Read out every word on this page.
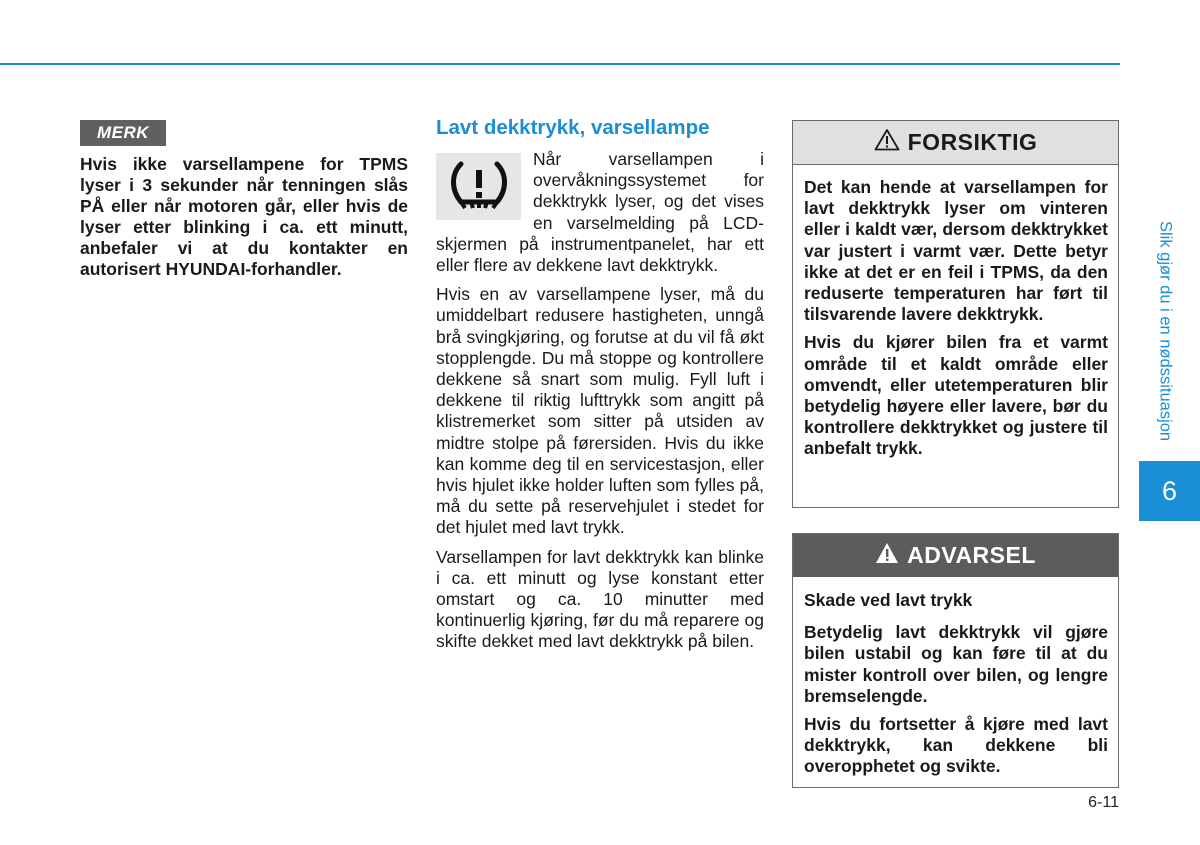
MERK

Hvis ikke varsellampene for TPMS lyser i 3 sekunder når tenningen slås PÅ eller når motoren går, eller hvis de lyser etter blinking i ca. ett minutt, anbefaler vi at du kontakter en autorisert HYUNDAI-forhandler.

Lavt dekktrykk, varsellampe

Når varsellampen i overvåkningssystemet for dekktrykk lyser, og det vises en varselmelding på LCD-skjermen på instrumentpanelet, har ett eller flere av dekkene lavt dekktrykk.

Hvis en av varsellampene lyser, må du umiddelbart redusere hastigheten, unngå brå svingkjøring, og forutse at du vil få økt stopplengde. Du må stoppe og kontrollere dekkene så snart som mulig. Fyll luft i dekkene til riktig lufttrykk som angitt på klistremerket som sitter på utsiden av midtre stolpe på førersiden. Hvis du ikke kan komme deg til en servicestasjon, eller hvis hjulet ikke holder luften som fylles på, må du sette på reservehjulet i stedet for det hjulet med lavt trykk.

Varsellampen for lavt dekktrykk kan blinke i ca. ett minutt og lyse konstant etter omstart og ca. 10 minutter med kontinuerlig kjøring, før du må reparere og skifte dekket med lavt dekktrykk på bilen.

FORSIKTIG

Det kan hende at varsellampen for lavt dekktrykk lyser om vinteren eller i kaldt vær, dersom dekktrykket var justert i varmt vær. Dette betyr ikke at det er en feil i TPMS, da den reduserte temperaturen har ført til tilsvarende lavere dekktrykk.

Hvis du kjører bilen fra et varmt område til et kaldt område eller omvendt, eller utetemperaturen blir betydelig høyere eller lavere, bør du kontrollere dekktrykket og justere til anbefalt trykk.

ADVARSEL

Skade ved lavt trykk

Betydelig lavt dekktrykk vil gjøre bilen ustabil og kan føre til at du mister kontroll over bilen, og lengre bremselengde.

Hvis du fortsetter å kjøre med lavt dekktrykk, kan dekkene bli overopphetet og svikte.

Slik gjør du i en nødssituasjon
6
6-11
